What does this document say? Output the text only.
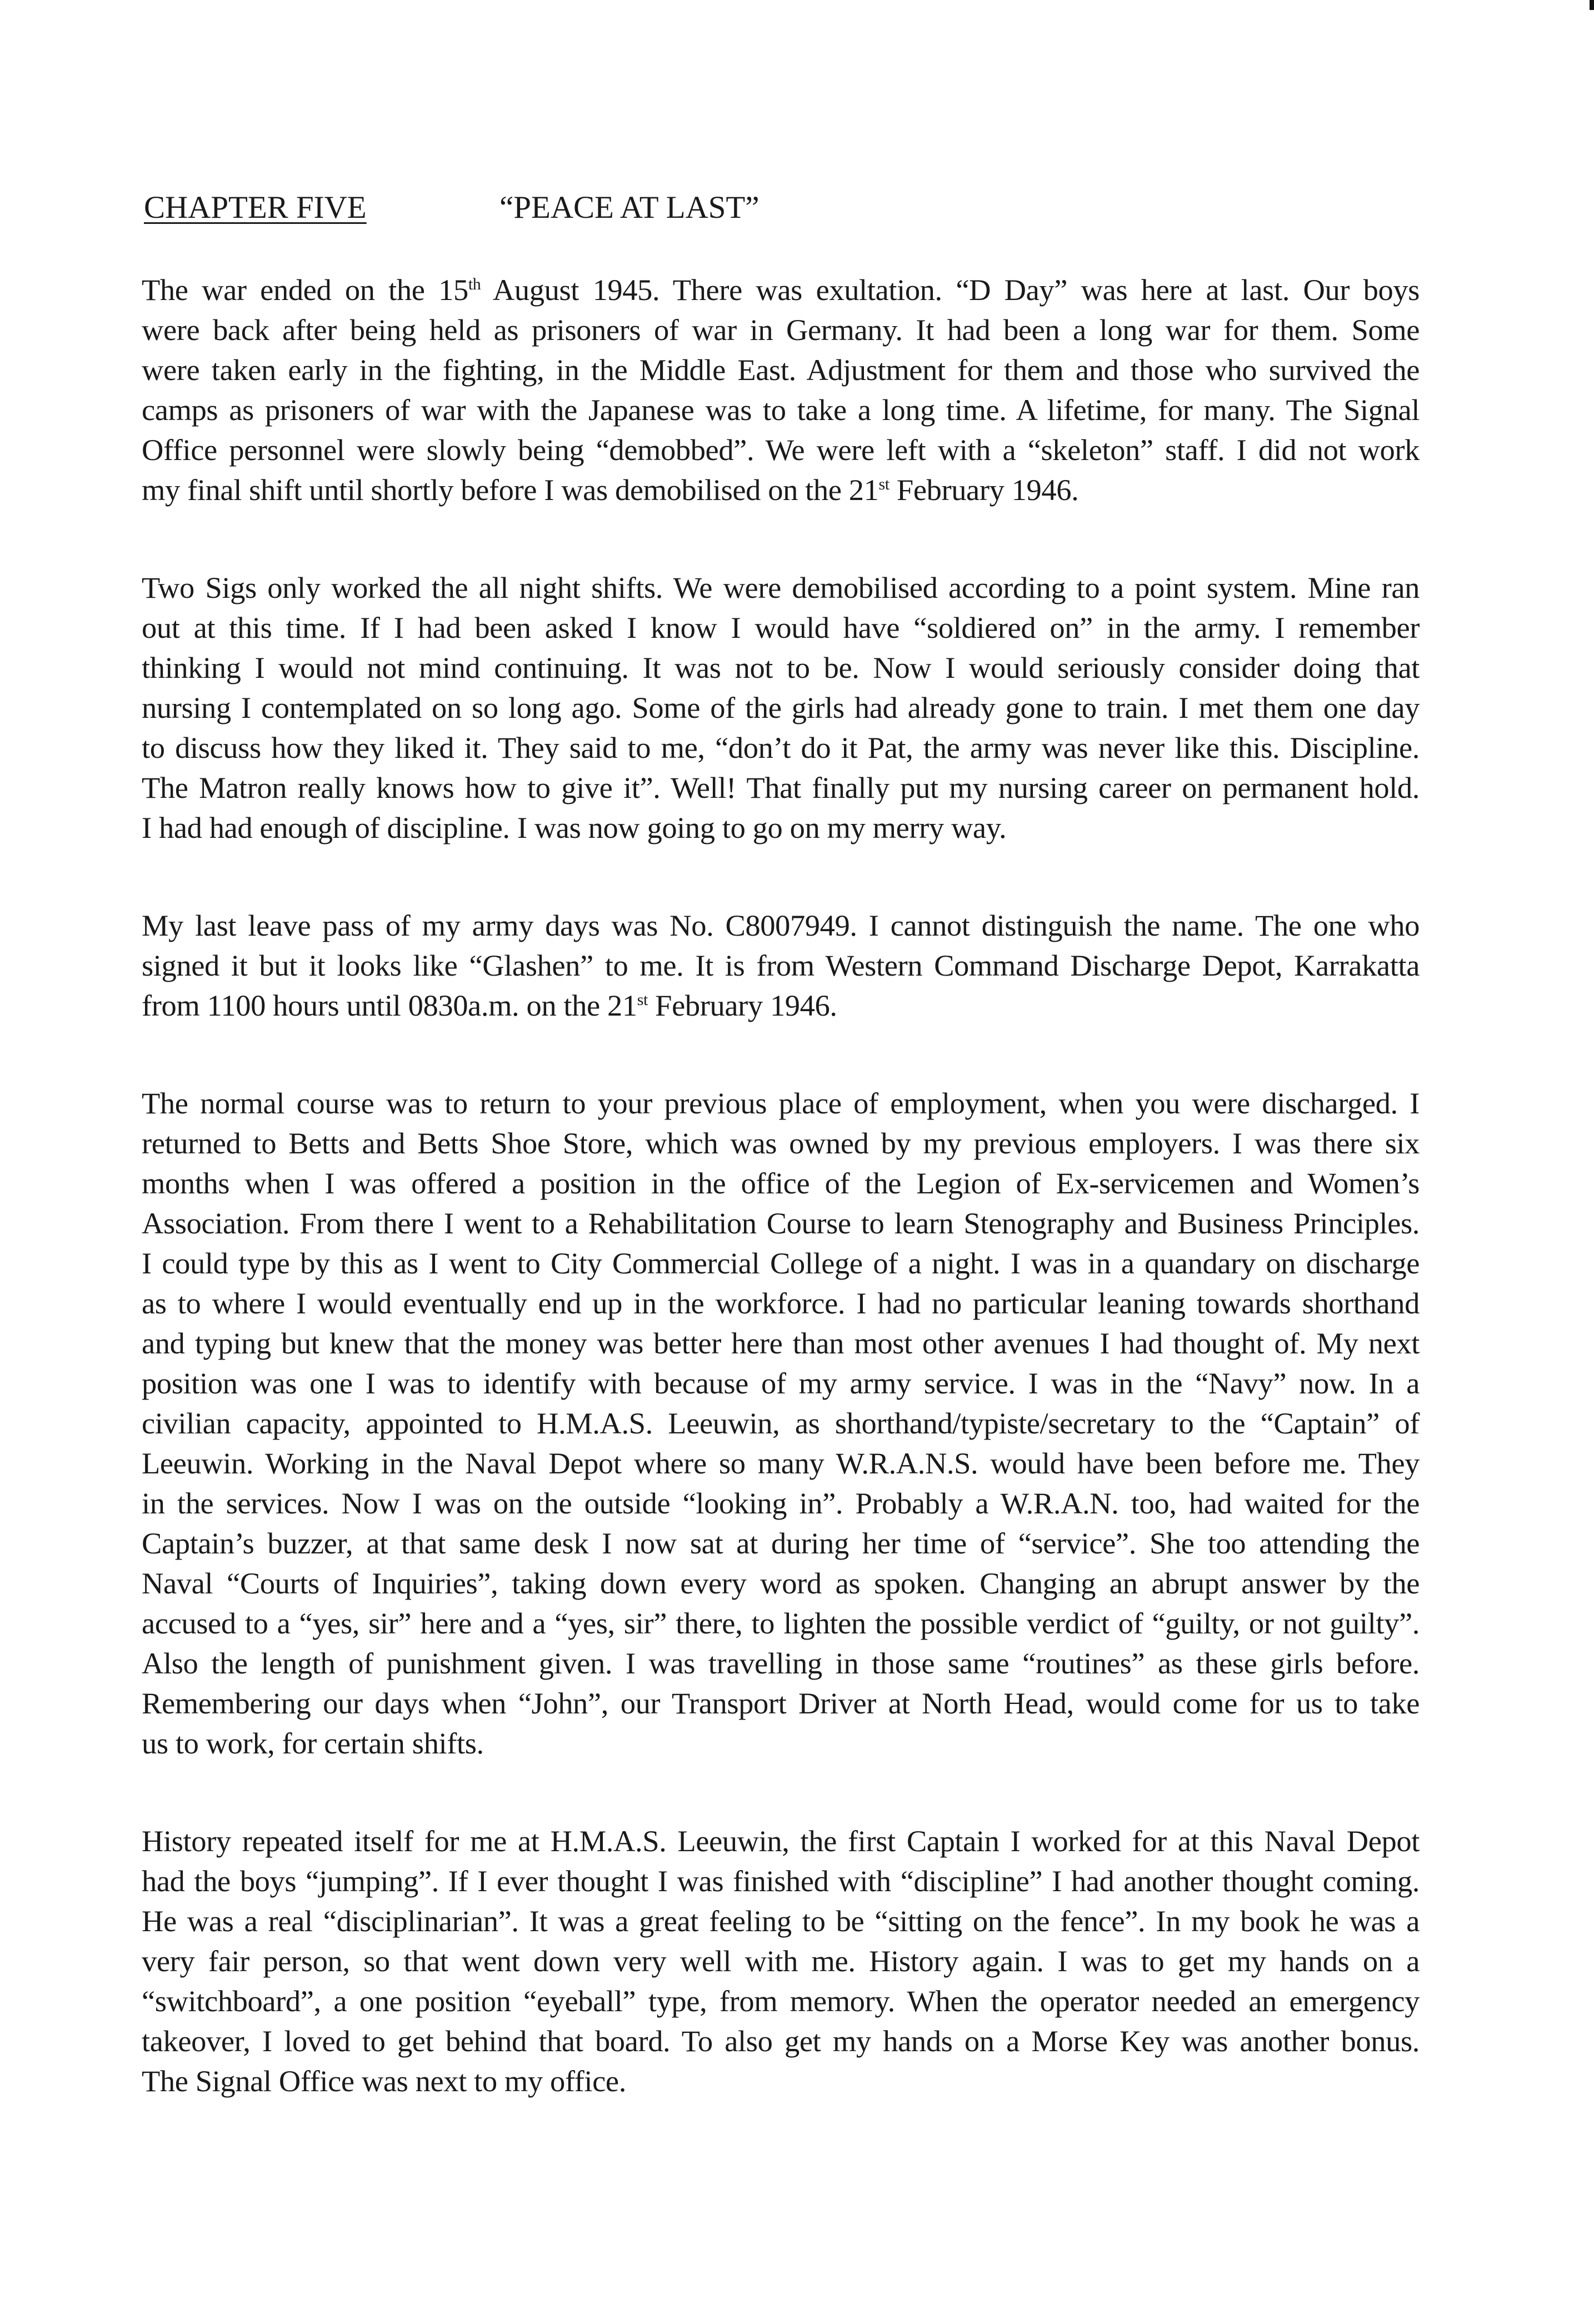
CHAPTER FIVE	“PEACE AT LAST”
The war ended on the 15th August 1945. There was exultation. “D Day” was here at last. Our boys
were back after being held as prisoners of war in Germany. It had been a long war for them. Some
were taken early in the fighting, in the Middle East. Adjustment for them and those who survived the
camps as prisoners of war with the Japanese was to take a long time. A lifetime, for many. The Signal
Office personnel were slowly being “demobbed”. We were left with a “skeleton” staff. I did not work
my final shift until shortly before I was demobilised on the 21st February 1946.
Two Sigs only worked the all night shifts. We were demobilised according to a point system. Mine ran
out at this time. If I had been asked I know I would have “soldiered on” in the army. I remember
thinking I would not mind continuing. It was not to be. Now I would seriously consider doing that
nursing I contemplated on so long ago. Some of the girls had already gone to train. I met them one day
to discuss how they liked it. They said to me, “don’t do it Pat, the army was never like this. Discipline.
The Matron really knows how to give it”. Well! That finally put my nursing career on permanent hold.
I had had enough of discipline. I was now going to go on my merry way.
My last leave pass of my army days was No. C8007949. I cannot distinguish the name. The one who
signed it but it looks like “Glashen” to me. It is from Western Command Discharge Depot, Karrakatta
from 1100 hours until 0830a.m. on the 21st February 1946.
The normal course was to return to your previous place of employment, when you were discharged. I
returned to Betts and Betts Shoe Store, which was owned by my previous employers. I was there six
months when I was offered a position in the office of the Legion of Ex-servicemen and Women’s
Association. From there I went to a Rehabilitation Course to learn Stenography and Business Principles.
I could type by this as I went to City Commercial College of a night. I was in a quandary on discharge
as to where I would eventually end up in the workforce. I had no particular leaning towards shorthand
and typing but knew that the money was better here than most other avenues I had thought of. My next
position was one I was to identify with because of my army service. I was in the “Navy” now. In a
civilian capacity, appointed to H.M.A.S. Leeuwin, as shorthand/typiste/secretary to the “Captain” of
Leeuwin. Working in the Naval Depot where so many W.R.A.N.S. would have been before me. They
in the services. Now I was on the outside “looking in”. Probably a W.R.A.N. too, had waited for the
Captain’s buzzer, at that same desk I now sat at during her time of “service”. She too attending the
Naval “Courts of Inquiries”, taking down every word as spoken. Changing an abrupt answer by the
accused to a “yes, sir” here and a “yes, sir” there, to lighten the possible verdict of “guilty, or not guilty”.
Also the length of punishment given. I was travelling in those same “routines” as these girls before.
Remembering our days when “John”, our Transport Driver at North Head, would come for us to take
us to work, for certain shifts.
History repeated itself for me at H.M.A.S. Leeuwin, the first Captain I worked for at this Naval Depot
had the boys “jumping”. If I ever thought I was finished with “discipline” I had another thought coming.
He was a real “disciplinarian”. It was a great feeling to be “sitting on the fence”. In my book he was a
very fair person, so that went down very well with me. History again. I was to get my hands on a
“switchboard”, a one position “eyeball” type, from memory. When the operator needed an emergency
takeover, I loved to get behind that board. To also get my hands on a Morse Key was another bonus.
The Signal Office was next to my office.
